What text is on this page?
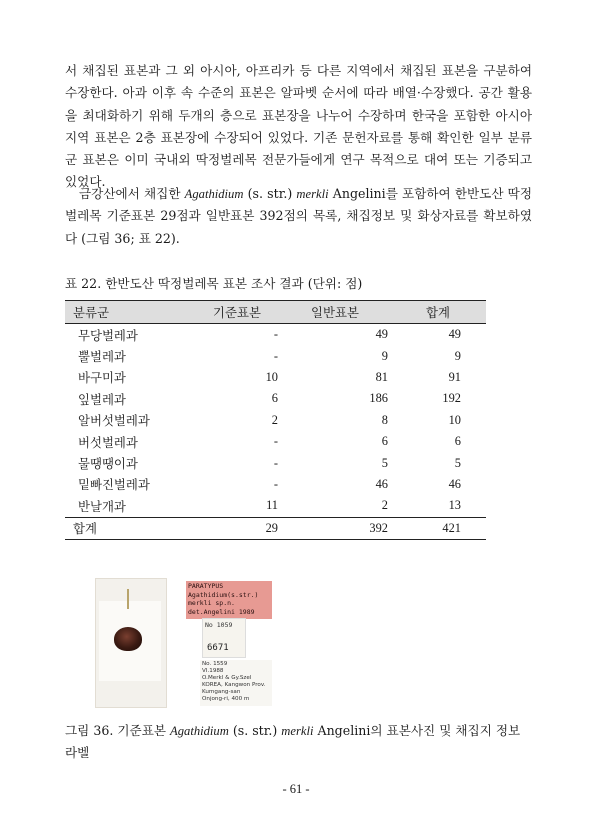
서 채집된 표본과 그 외 아시아, 아프리카 등 다른 지역에서 채집된 표본을 구분하여 수장한다. 아과 이후 속 수준의 표본은 알파벳 순서에 따라 배열·수장했다. 공간 활용을 최대화하기 위해 두개의 층으로 표본장을 나누어 수장하며 한국을 포함한 아시아 지역 표본은 2층 표본장에 수장되어 있었다. 기존 문헌자료를 통해 확인한 일부 분류군 표본은 이미 국내외 딱정벌레목 전문가들에게 연구 목적으로 대여 또는 기증되고 있었다.

금강산에서 채집한 Agathidium (s. str.) merkli Angelini를 포함하여 한반도산 딱정벌레목 기준표본 29점과 일반표본 392점의 목록, 채집정보 및 화상자료를 확보하였다 (그림 36; 표 22).

표 22. 한반도산 딱정벌레목 표본 조사 결과 (단위: 점)

분류군	기준표본	일반표본	합계
무당벌레과	-	49	49
뿔벌레과	-	9	9
바구미과	10	81	91
잎벌레과	6	186	192
알버섯벌레과	2	8	10
버섯벌레과	-	6	6
물땡땡이과	-	5	5
밑빠진벌레과	-	46	46
반날개과	11	2	13
합계	29	392	421
PARATYPUS
Agathidium(s.str.)
merkli sp.n.
det.Angelini 1989
No 1059
6671
No. 1559
VI.1988
O.Merkl & Gy.Szel
KOREA, Kangwon Prov.
Kumgang-san
Onjong-ri, 400 m

그림 36. 기준표본 Agathidium (s. str.) merkli Angelini의 표본사진 및 채집지 정보 라벨

- 61 -
